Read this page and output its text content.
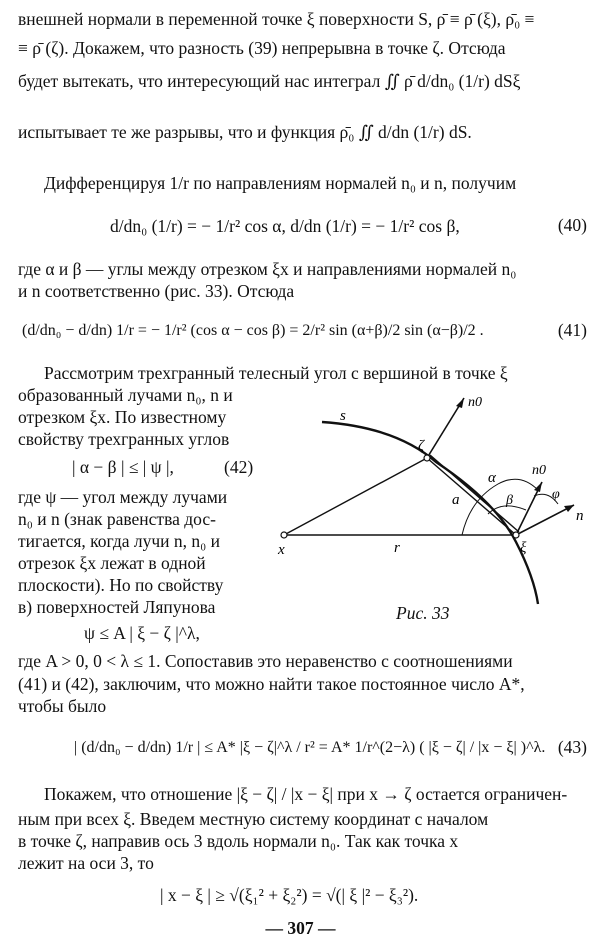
внешней нормали в переменной точке ξ поверхности S, ρ̄ ≡ ρ̄ (ξ), ρ̄₀ ≡
≡ ρ̄ (ζ). Докажем, что разность (39) непрерывна в точке ζ. Отсюда
будет вытекать, что интересующий нас интеграл ∬ ρ̄ d/dn₀ (1/r) dSξ
испытывает те же разрывы, что и функция ρ̄₀ ∬ d/dn (1/r) dS.
Дифференцируя 1/r по направлениям нормалей n₀ и n, получим
d/dn₀ (1/r) = − 1/r² cos α, d/dn (1/r) = − 1/r² cos β,	(40)
где α и β — углы между отрезком ξx и направлениями нормалей n₀
и n соответственно (рис. 33). Отсюда
(d/dn₀ − d/dn) 1/r = − 1/r² (cos α − cos β) = 2/r² sin (α+β)/2 sin (α−β)/2 .	(41)
Рассмотрим трехгранный телесный угол с вершиной в точке ξ
образованный лучами n₀, n и
отрезком ξx. По известному
свойству трехгранных углов
| α − β | ≤ | ψ |,	(42)
где ψ — угол между лучами
n₀ и n (знак равенства дос-
тигается, когда лучи n, n₀ и
отрезок ξx лежат в одной
плоскости). Но по свойству
в) поверхностей Ляпунова
ψ ≤ A | ξ − ζ |^λ,
s
n0
ζ
a
α
β
n0
φ
n
x	r	ξ
Рис. 33
где A > 0, 0 < λ ≤ 1. Сопоставив это неравенство с соотношениями
(41) и (42), заключим, что можно найти такое постоянное число A*,
чтобы было
| (d/dn₀ − d/dn) 1/r | ≤ A* |ξ − ζ|^λ / r² = A* 1/r^(2−λ) ( |ξ − ζ| / |x − ξ| )^λ. (43)
Покажем, что отношение |ξ − ζ| / |x − ξ| при x → ζ остается ограничен-
ным при всех ξ. Введем местную систему координат с началом
в точке ζ, направив ось 3 вдоль нормали n₀. Так как точка x
лежит на оси 3, то
| x − ξ | ≥ √(ξ₁² + ξ₂²) = √(| ξ |² − ξ₃²).
— 307 —
